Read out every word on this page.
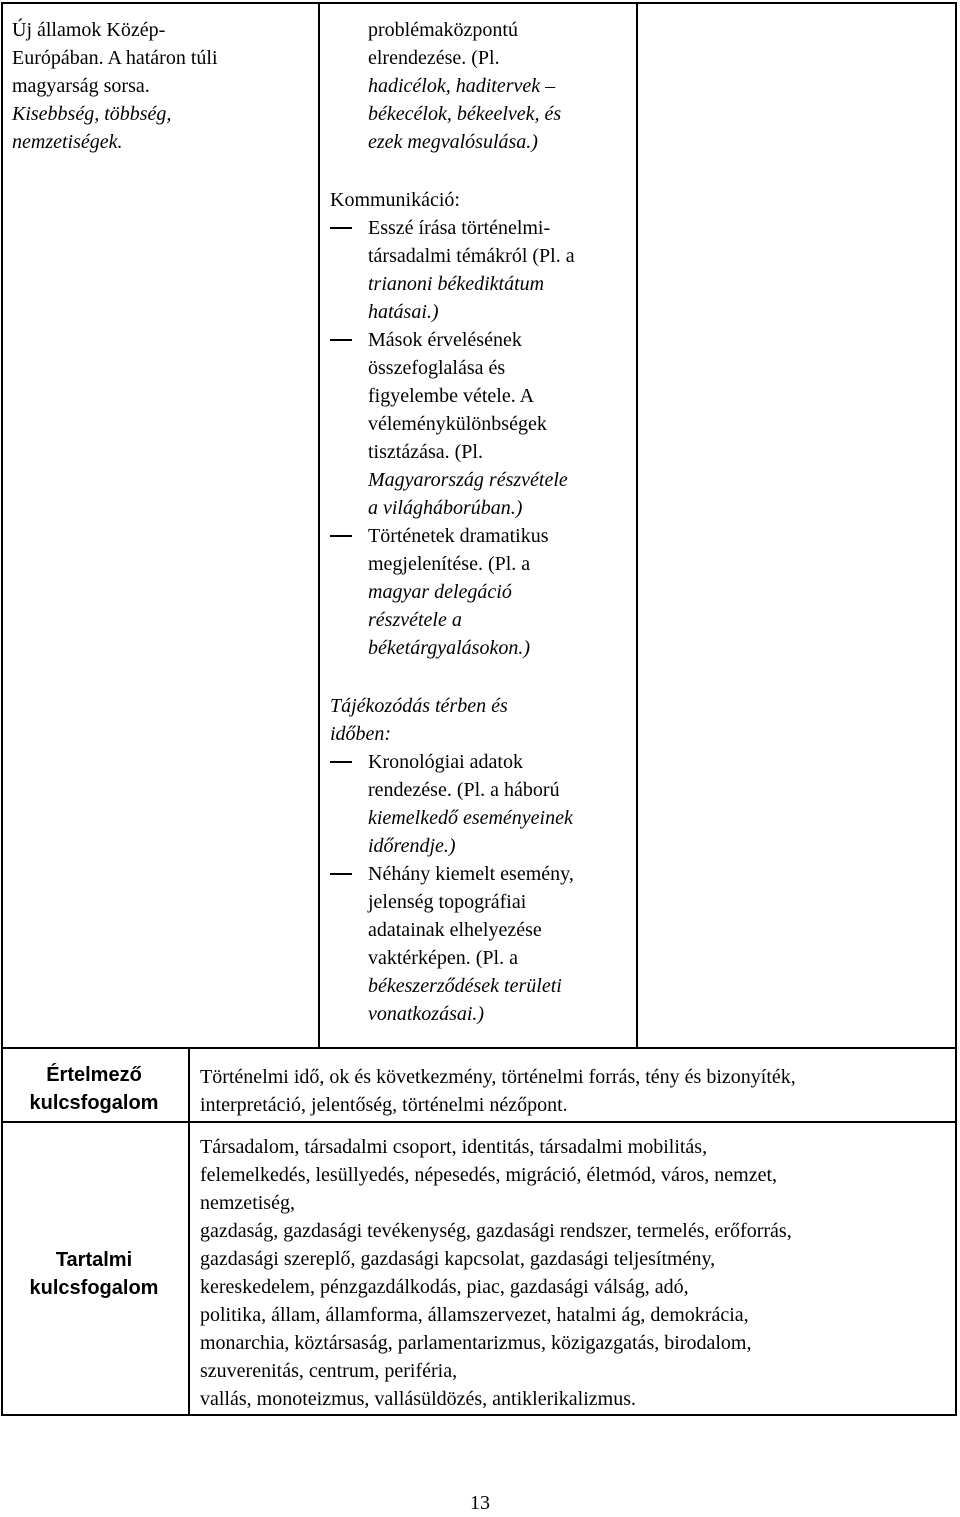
Új államok Közép-
Európában. A határon túli
magyarság sorsa.
Kisebbség, többség,
nemzetiségek.
problémaközpontú
elrendezése. (Pl.
hadicélok, haditervek –
békecélok, békeelvek, és
ezek megvalósulása.)
Kommunikáció:
Esszé írása történelmi-
társadalmi témákról (Pl. a
trianoni békediktátum
hatásai.)
Mások érvelésének
összefoglalása és
figyelembe vétele. A
véleménykülönbségek
tisztázása. (Pl.
Magyarország részvétele
a világháborúban.)
Történetek dramatikus
megjelenítése. (Pl. a
magyar delegáció
részvétele a
béketárgyalásokon.)
Tájékozódás térben és
időben:
Kronológiai adatok
rendezése. (Pl. a háború
kiemelkedő eseményeinek
időrendje.)
Néhány kiemelt esemény,
jelenség topográfiai
adatainak elhelyezése
vaktérképen. (Pl. a
békeszerződések területi
vonatkozásai.)
Értelmező
kulcsfogalom
Tartalmi
kulcsfogalom
Történelmi idő, ok és következmény, történelmi forrás, tény és bizonyíték,
interpretáció, jelentőség, történelmi nézőpont.
Társadalom, társadalmi csoport, identitás, társadalmi mobilitás,
felemelkedés, lesüllyedés, népesedés, migráció, életmód, város, nemzet,
nemzetiség,
gazdaság, gazdasági tevékenység, gazdasági rendszer, termelés, erőforrás,
gazdasági szereplő, gazdasági kapcsolat, gazdasági teljesítmény,
kereskedelem, pénzgazdálkodás, piac, gazdasági válság, adó,
politika, állam, államforma, államszervezet, hatalmi ág, demokrácia,
monarchia, köztársaság, parlamentarizmus, közigazgatás, birodalom,
szuverenitás, centrum, periféria,
vallás, monoteizmus, vallásüldözés, antiklerikalizmus.
13
